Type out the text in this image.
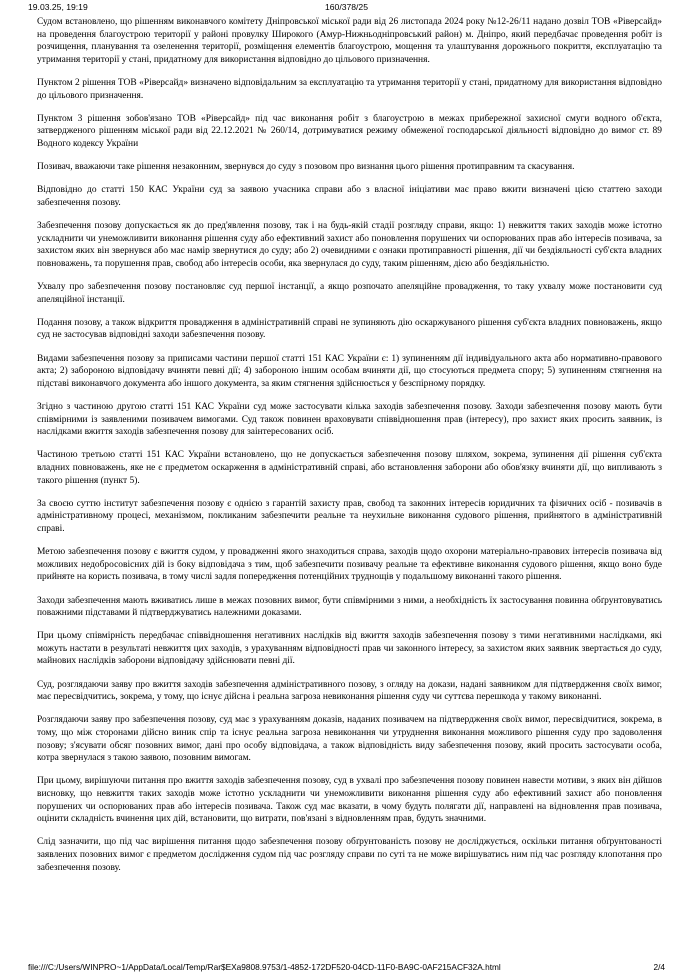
19.03.25, 19:19	160/378/25

Судом встановлено, що рішенням виконавчого комітету Дніпровської міської ради від 26 листопада 2024 року №12-26/11 надано дозвіл ТОВ «Ріверсайд» на проведення благоустрою території у районі провулку Широкого (Амур-Нижньодніпровський район) м. Дніпро, який передбачає проведення робіт із розчищення, планування та озеленення території, розміщення елементів благоустрою, мощення та улаштування дорожнього покриття, експлуатацію та утримання території у стані, придатному для використання відповідно до цільового призначення.

Пунктом 2 рішення ТОВ «Ріверсайд» визначено відповідальним за експлуатацію та утримання території у стані, придатному для використання відповідно до цільового призначення.

Пунктом 3 рішення зобов'язано ТОВ «Ріверсайд» під час виконання робіт з благоустрою в межах прибережної захисної смуги водного об'єкта, затвердженого рішенням міської ради від 22.12.2021 № 260/14, дотримуватися режиму обмеженої господарської діяльності відповідно до вимог ст. 89 Водного кодексу України

Позивач, вважаючи таке рішення незаконним, звернувся до суду з позовом про визнання цього рішення протиправним та скасування.

Відповідно до статті 150 КАС України суд за заявою учасника справи або з власної ініціативи має право вжити визначені цією статтею заходи забезпечення позову.

Забезпечення позову допускається як до пред'явлення позову, так і на будь-якій стадії розгляду справи, якщо: 1) невжиття таких заходів може істотно ускладнити чи унеможливити виконання рішення суду або ефективний захист або поновлення порушених чи оспорюваних прав або інтересів позивача, за захистом яких він звернувся або має намір звернутися до суду; або 2) очевидними є ознаки протиправності рішення, дії чи бездіяльності суб'єкта владних повноважень, та порушення прав, свобод або інтересів особи, яка звернулася до суду, таким рішенням, дією або бездіяльністю.

Ухвалу про забезпечення позову постановляє суд першої інстанції, а якщо розпочато апеляційне провадження, то таку ухвалу може постановити суд апеляційної інстанції.

Подання позову, а також відкриття провадження в адміністративній справі не зупиняють дію оскаржуваного рішення суб'єкта владних повноважень, якщо суд не застосував відповідні заходи забезпечення позову.

Видами забезпечення позову за приписами частини першої статті 151 КАС України є: 1) зупиненням дії індивідуального акта або нормативно-правового акта; 2) забороною відповідачу вчиняти певні дії; 4) забороною іншим особам вчиняти дії, що стосуються предмета спору; 5) зупиненням стягнення на підставі виконавчого документа або іншого документа, за яким стягнення здійснюється у безспірному порядку.

Згідно з частиною другою статті 151 КАС України суд може застосувати кілька заходів забезпечення позову. Заходи забезпечення позову мають бути співмірними із заявленими позивачем вимогами. Суд також повинен враховувати співвідношення прав (інтересу), про захист яких просить заявник, із наслідками вжиття заходів забезпечення позову для заінтересованих осіб.

Частиною третьою статті 151 КАС України встановлено, що не допускається забезпечення позову шляхом, зокрема, зупинення дії рішення суб'єкта владних повноважень, яке не є предметом оскарження в адміністративній справі, або встановлення заборони або обов'язку вчиняти дії, що випливають з такого рішення (пункт 5).

За своєю суттю інститут забезпечення позову є однією з гарантій захисту прав, свобод та законних інтересів юридичних та фізичних осіб - позивачів в адміністративному процесі, механізмом, покликаним забезпечити реальне та неухильне виконання судового рішення, прийнятого в адміністративній справі.

Метою забезпечення позову є вжиття судом, у провадженні якого знаходиться справа, заходів щодо охорони матеріально-правових інтересів позивача від можливих недобросовісних дій із боку відповідача з тим, щоб забезпечити позивачу реальне та ефективне виконання судового рішення, якщо воно буде прийняте на користь позивача, в тому числі задля попередження потенційних труднощів у подальшому виконанні такого рішення.

Заходи забезпечення мають вживатись лише в межах позовних вимог, бути співмірними з ними, а необхідність їх застосування повинна обґрунтовуватись поважними підставами й підтверджуватись належними доказами.

При цьому співмірність передбачає співвідношення негативних наслідків від вжиття заходів забезпечення позову з тими негативними наслідками, які можуть настати в результаті невжиття цих заходів, з урахуванням відповідності прав чи законного інтересу, за захистом яких заявник звертається до суду, майнових наслідків заборони відповідачу здійснювати певні дії.

Суд, розглядаючи заяву про вжиття заходів забезпечення адміністративного позову, з огляду на докази, надані заявником для підтвердження своїх вимог, має пересвідчитись, зокрема, у тому, що існує дійсна і реальна загроза невиконання рішення суду чи суттєва перешкода у такому виконанні.

Розглядаючи заяву про забезпечення позову, суд має з урахуванням доказів, наданих позивачем на підтвердження своїх вимог, пересвідчитися, зокрема, в тому, що між сторонами дійсно виник спір та існує реальна загроза невиконання чи утруднення виконання можливого рішення суду про задоволення позову; з'ясувати обсяг позовних вимог, дані про особу відповідача, а також відповідність виду забезпечення позову, який просить застосувати особа, котра звернулася з такою заявою, позовним вимогам.

При цьому, вирішуючи питання про вжиття заходів забезпечення позову, суд в ухвалі про забезпечення позову повинен навести мотиви, з яких він дійшов висновку, що невжиття таких заходів може істотно ускладнити чи унеможливити виконання рішення суду або ефективний захист або поновлення порушених чи оспорюваних прав або інтересів позивача. Також суд має вказати, в чому будуть полягати дії, направлені на відновлення прав позивача, оцінити складність вчинення цих дій, встановити, що витрати, пов'язані з відновленням прав, будуть значними.

Слід зазначити, що під час вирішення питання щодо забезпечення позову обґрунтованість позову не досліджується, оскільки питання обґрунтованості заявлених позовних вимог є предметом дослідження судом під час розгляду справи по суті та не може вирішуватись ним під час розгляду клопотання про забезпечення позову.

file:///C:/Users/WINPRO~1/AppData/Local/Temp/Rar$EXa9808.9753/1-4852-172DF520-04CD-11F0-BA9C-0AF215ACF32A.html	2/4
